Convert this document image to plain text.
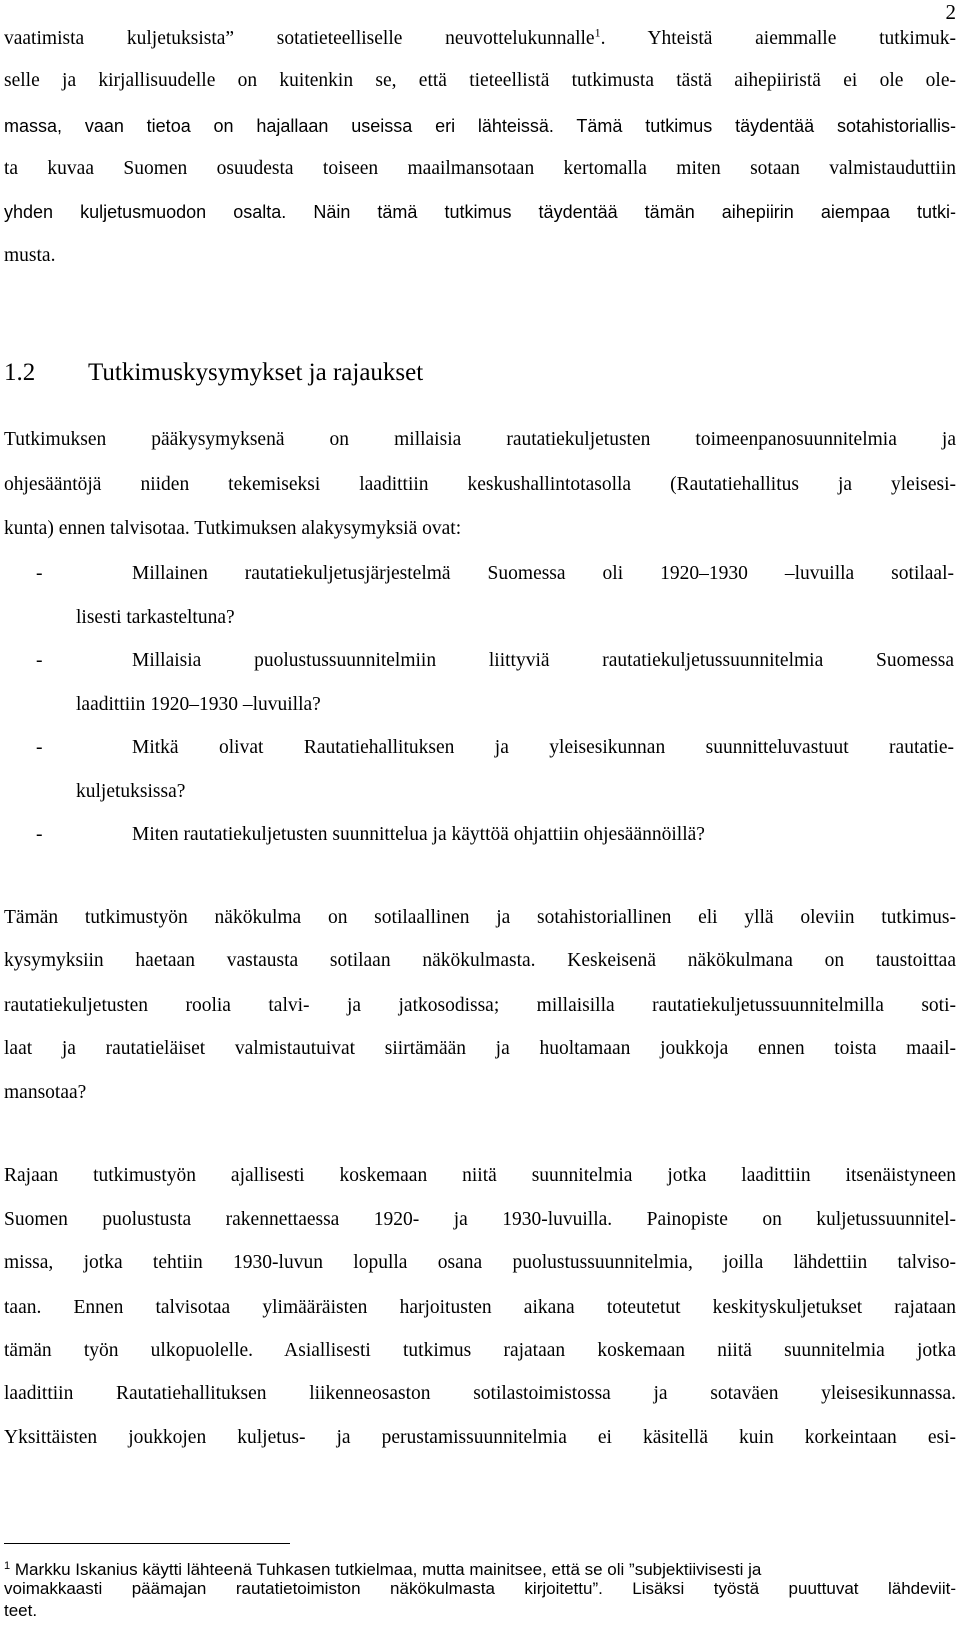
2
vaatimista kuljetuksista” sotatieteelliselle neuvottelukunnalle$^1$. Yhteistä aiemmalle tutkimuk-
selle ja kirjallisuudelle on kuitenkin se, että tieteellistä tutkimusta tästä aihepiiristä ei ole ole-
massa, vaan tietoa on hajallaan useissa eri lähteissä. Tämä tutkimus täydentää sotahistoriallis-
ta kuvaa Suomen osuudesta toiseen maailmansotaan kertomalla miten sotaan valmistauduttiin
yhden kuljetusmuodon osalta. Näin tämä tutkimus täydentää tämän aihepiirin aiempaa tutki-
musta.
1.2 Tutkimuskysymykset ja rajaukset
Tutkimuksen pääkysymyksenä on millaisia rautatiekuljetusten toimeenpanosuunnitelmia ja
ohjesääntöjä niiden tekemiseksi laadittiin keskushallintotasolla (Rautatiehallitus ja yleisesi-
kunta) ennen talvisotaa. Tutkimuksen alakysymyksiä ovat:
-	Millainen rautatiekuljetusjärjestelmä Suomessa oli 1920–1930 –luvuilla sotilaal-
lisesti tarkasteltuna?
-	Millaisia puolustussuunnitelmiin liittyviä rautatiekuljetussuunnitelmia Suomessa
laadittiin 1920–1930 –luvuilla?
-	Mitkä olivat Rautatiehallituksen ja yleisesikunnan suunnitteluvastuut rautatie-
kuljetuksissa?
-	Miten rautatiekuljetusten suunnittelua ja käyttöä ohjattiin ohjesäännöillä?
Tämän tutkimustyön näkökulma on sotilaallinen ja sotahistoriallinen eli yllä oleviin tutkimus-
kysymyksiin haetaan vastausta sotilaan näkökulmasta. Keskeisenä näkökulmana on taustoittaa
rautatiekuljetusten roolia talvi- ja jatkosodissa; millaisilla rautatiekuljetussuunnitelmilla soti-
laat ja rautatieläiset valmistautuivat siirtämään ja huoltamaan joukkoja ennen toista maail-
mansotaa?
Rajaan tutkimustyön ajallisesti koskemaan niitä suunnitelmia jotka laadittiin itsenäistyneen
Suomen puolustusta rakennettaessa 1920- ja 1930-luvuilla. Painopiste on kuljetussuunnitel-
missa, jotka tehtiin 1930-luvun lopulla osana puolustussuunnitelmia, joilla lähdettiin talviso-
taan. Ennen talvisotaa ylimääräisten harjoitusten aikana toteutetut keskityskuljetukset rajataan
tämän työn ulkopuolelle. Asiallisesti tutkimus rajataan koskemaan niitä suunnitelmia jotka
laadittiin Rautatiehallituksen liikenneosaston sotilastoimistossa ja sotaväen yleisesikunnassa.
Yksittäisten joukkojen kuljetus- ja perustamissuunnitelmia ei käsitellä kuin korkeintaan esi-
$^1$ Markku Iskanius käytti lähteenä Tuhkasen tutkielmaa, mutta mainitsee, että se oli ”subjektiivisesti ja
voimakkaasti päämajan rautatietoimiston näkökulmasta kirjoitettu”. Lisäksi työstä puuttuvat lähdeviit-
teet.
